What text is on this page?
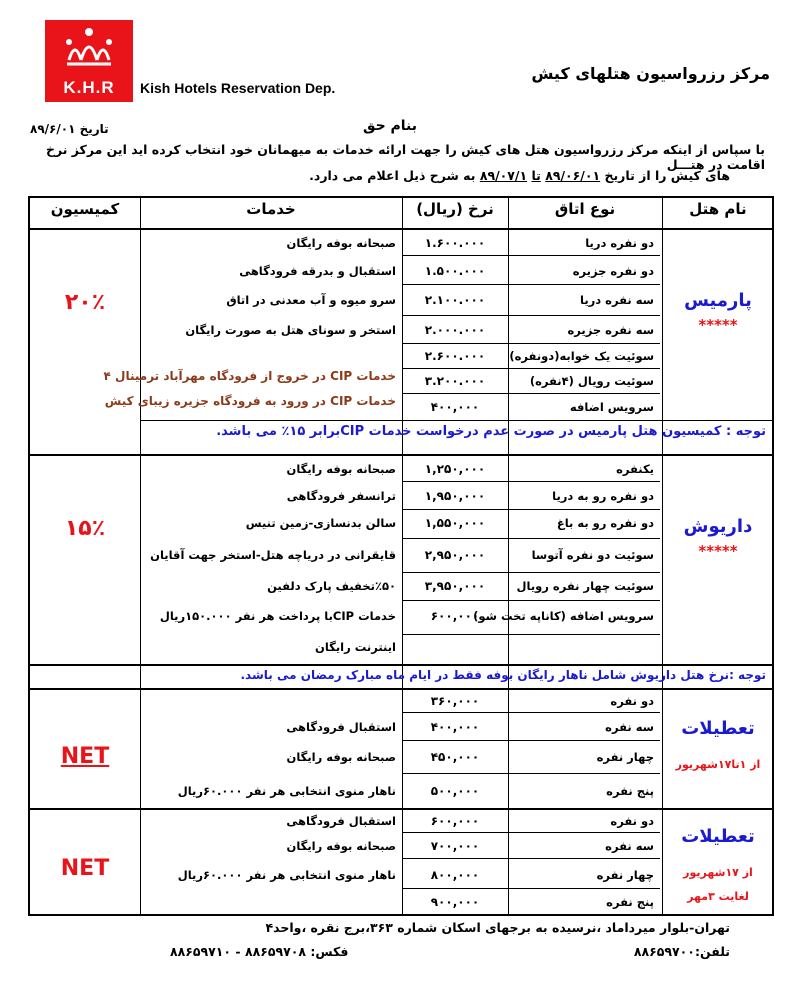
K.H.R	Kish Hotels Reservation Dep.
مرکز رزرواسیون هتلهای کیش
بنام حق
تاریخ ۸۹/۶/۰۱
با سپاس از اینکه مرکز رزرواسیون هتل های کیش را جهت ارائه خدمات به میهمانان خود انتخاب کرده اید این مرکز نرخ اقامت در هتـــل
های کیش را از تاریخ ۸۹/۰۶/۰۱ تا ۸۹/۰۷/۱ به شرح ذیل اعلام می دارد.
نام هتل
نوع اتاق
نرخ (ریال)
خدمات
کمیسیون
دو نفره دریا
دو نفره جزیره
سه نفره دریا
سه نفره جزیره
سوئیت یک خوابه(دونفره)
سوئیت رویال (۴نفره)
سرویس اضافه
۱.۶۰۰.۰۰۰
۱.۵۰۰.۰۰۰
۲.۱۰۰.۰۰۰
۲.۰۰۰.۰۰۰
۲.۶۰۰.۰۰۰
۳.۲۰۰.۰۰۰
۴۰۰,۰۰۰
صبحانه بوفه رایگان
استقبال و بدرقه فرودگاهی
سرو میوه و آب معدنی در اتاق
استخر و سونای هتل به صورت رایگان
خدمات CIP در خروج از فرودگاه مهرآباد ترمینال ۴
خدمات CIP در ورود به فرودگاه جزیره زیبای کیش
پارمیس
*****
۲۰٪
توجه : کمیسیون هتل پارمیس در صورت عدم درخواست خدمات CIPبرابر ۱۵٪ می باشد.
یکنفره
دو نفره رو به دریا
دو نفره رو به باغ
سوئیت دو نفره آتوسا
سوئیت چهار نفره رویال
سرویس اضافه (کاناپه تخت شو)
۱,۲۵۰,۰۰۰
۱,۹۵۰,۰۰۰
۱,۵۵۰,۰۰۰
۲,۹۵۰,۰۰۰
۳,۹۵۰,۰۰۰
۶۰۰,۰۰۰
صبحانه بوفه رایگان
ترانسفر فرودگاهی
سالن بدنسازی-زمین تنیس
قایقرانی در دریاچه هتل-استخر جهت آقایان
٪۵۰تخفیف پارک دلفین
خدمات CIPبا پرداخت هر نفر ۱۵۰.۰۰۰ریال
اینترنت رایگان
داریوش
*****
۱۵٪
توجه :نرخ هتل داریوش شامل ناهار رایگان بوفه فقط در ایام ماه مبارک رمضان می باشد.
دو نفره
سه نفره
چهار نفره
پنج نفره
۳۶۰,۰۰۰
۴۰۰,۰۰۰
۴۵۰,۰۰۰
۵۰۰,۰۰۰
استقبال فرودگاهی
صبحانه بوفه رایگان
ناهار منوی انتخابی هر نفر ۶۰.۰۰۰ریال
تعطیلات
از ۱تا۱۷شهریور
NET
دو نفره
سه نفره
چهار نفره
پنج نفره
۶۰۰,۰۰۰
۷۰۰,۰۰۰
۸۰۰,۰۰۰
۹۰۰,۰۰۰
استقبال فرودگاهی
صبحانه بوفه رایگان
ناهار منوی انتخابی هر نفر ۶۰.۰۰۰ریال
تعطیلات
از ۱۷شهریور
لغایت ۳مهر
NET
تهران-بلوار میرداماد ،نرسیده به برجهای اسکان شماره ۳۶۳،برج نقره ،واحد۴
تلفن:۸۸۶۵۹۷۰۰
فکس: ۸۸۶۵۹۷۰۸ - ۸۸۶۵۹۷۱۰
